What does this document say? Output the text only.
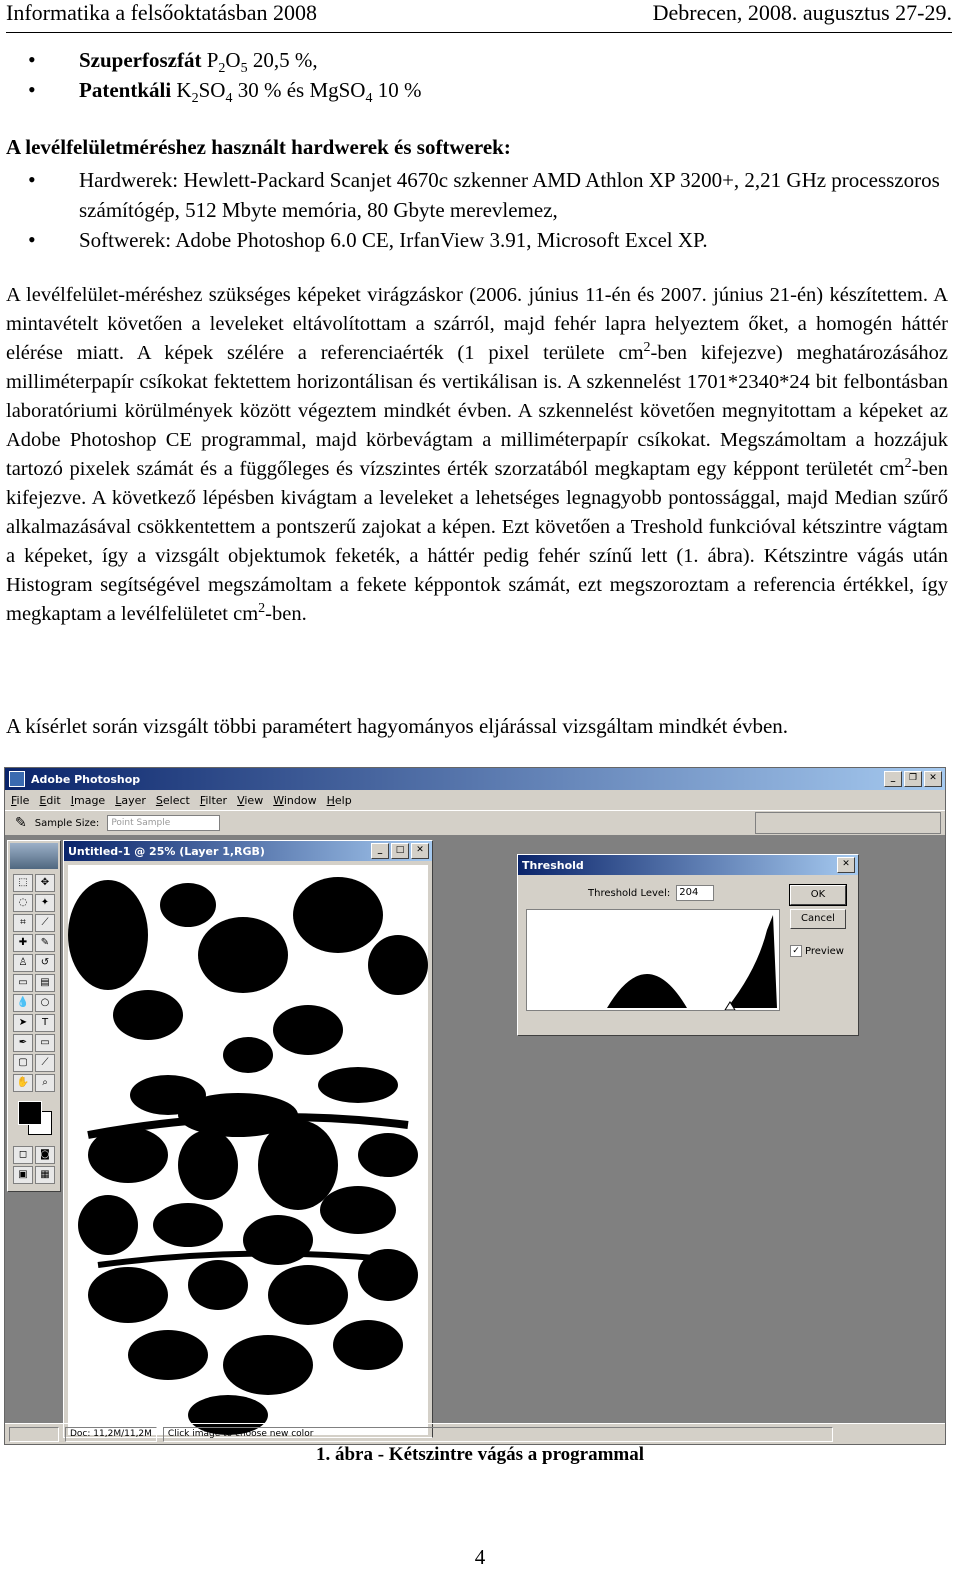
Informatika a felsőoktatásban 2008	Debrecen, 2008. augusztus 27-29.
• Szuperfoszfát $P_2O_5$ 20,5 %,
• Patentkáli $K_2SO_4$ 30 % és MgSO$_4$ 10 %
A levélfelületméréshez használt hardwerek és softwerek:
• Hardwerek: Hewlett-Packard Scanjet 4670c szkenner AMD Athlon XP 3200+, 2,21 GHz processzoros számítógép, 512 Mbyte memória, 80 Gbyte merevlemez,
• Softwerek: Adobe Photoshop 6.0 CE, IrfanView 3.91, Microsoft Excel XP.

A levélfelület-méréshez szükséges képeket virágzáskor (2006. június 11-én és 2007. június 21-én) készítettem. A mintavételt követően a leveleket eltávolítottam a szárról, majd fehér lapra helyeztem őket, a homogén háttér elérése miatt. A képek szélére a referenciaérték (1 pixel területe $cm^2$-ben kifejezve) meghatározásához milliméterpapír csíkokat fektettem horizontálisan és vertikálisan is. A szkennelést 1701*2340*24 bit felbontásban laboratóriumi körülmények között végeztem mindkét évben. A szkennelést követően megnyitottam a képeket az Adobe Photoshop CE programmal, majd körbevágtam a milliméterpapír csíkokat. Megszámoltam a hozzájuk tartozó pixelek számát és a függőleges és vízszintes érték szorzatából megkaptam egy képpont területét $cm^2$-ben kifejezve. A következő lépésben kivágtam a leveleket a lehetséges legnagyobb pontossággal, majd Median szűrő alkalmazásával csökkentettem a pontszerű zajokat a képen. Ezt követően a Treshold funkcióval kétszintre vágtam a képeket, így a vizsgált objektumok feketék, a háttér pedig fehér színű lett (1. ábra). Kétszintre vágás után Histogram segítségével megszámoltam a fekete képpontok számát, ezt megszoroztam a referencia értékkel, így megkaptam a levélfelületet $cm^2$-ben.

A kísérlet során vizsgált többi paramétert hagyományos eljárással vizsgáltam mindkét évben.

Adobe Photoshop	_	❐	✕
File Edit Image Layer Select Filter View Window Help
✎ Sample Size:	Point Sample
⬚	✥
◌	✦
⌗	⟋
✚	✎
♙	↺
▭	▤
💧	○
➤	T
✒	▭
▢	⟋
✋	⌕
◻	◙
▣	▦
Untitled-1 @ 25% (Layer 1,RGB)	_	□	✕
Threshold	✕
Threshold Level: 204	OK
Cancel
✓ Preview
Doc: 11,2M/11,2M	Click image to choose new color
1. ábra - Kétszintre vágás a programmal
4
